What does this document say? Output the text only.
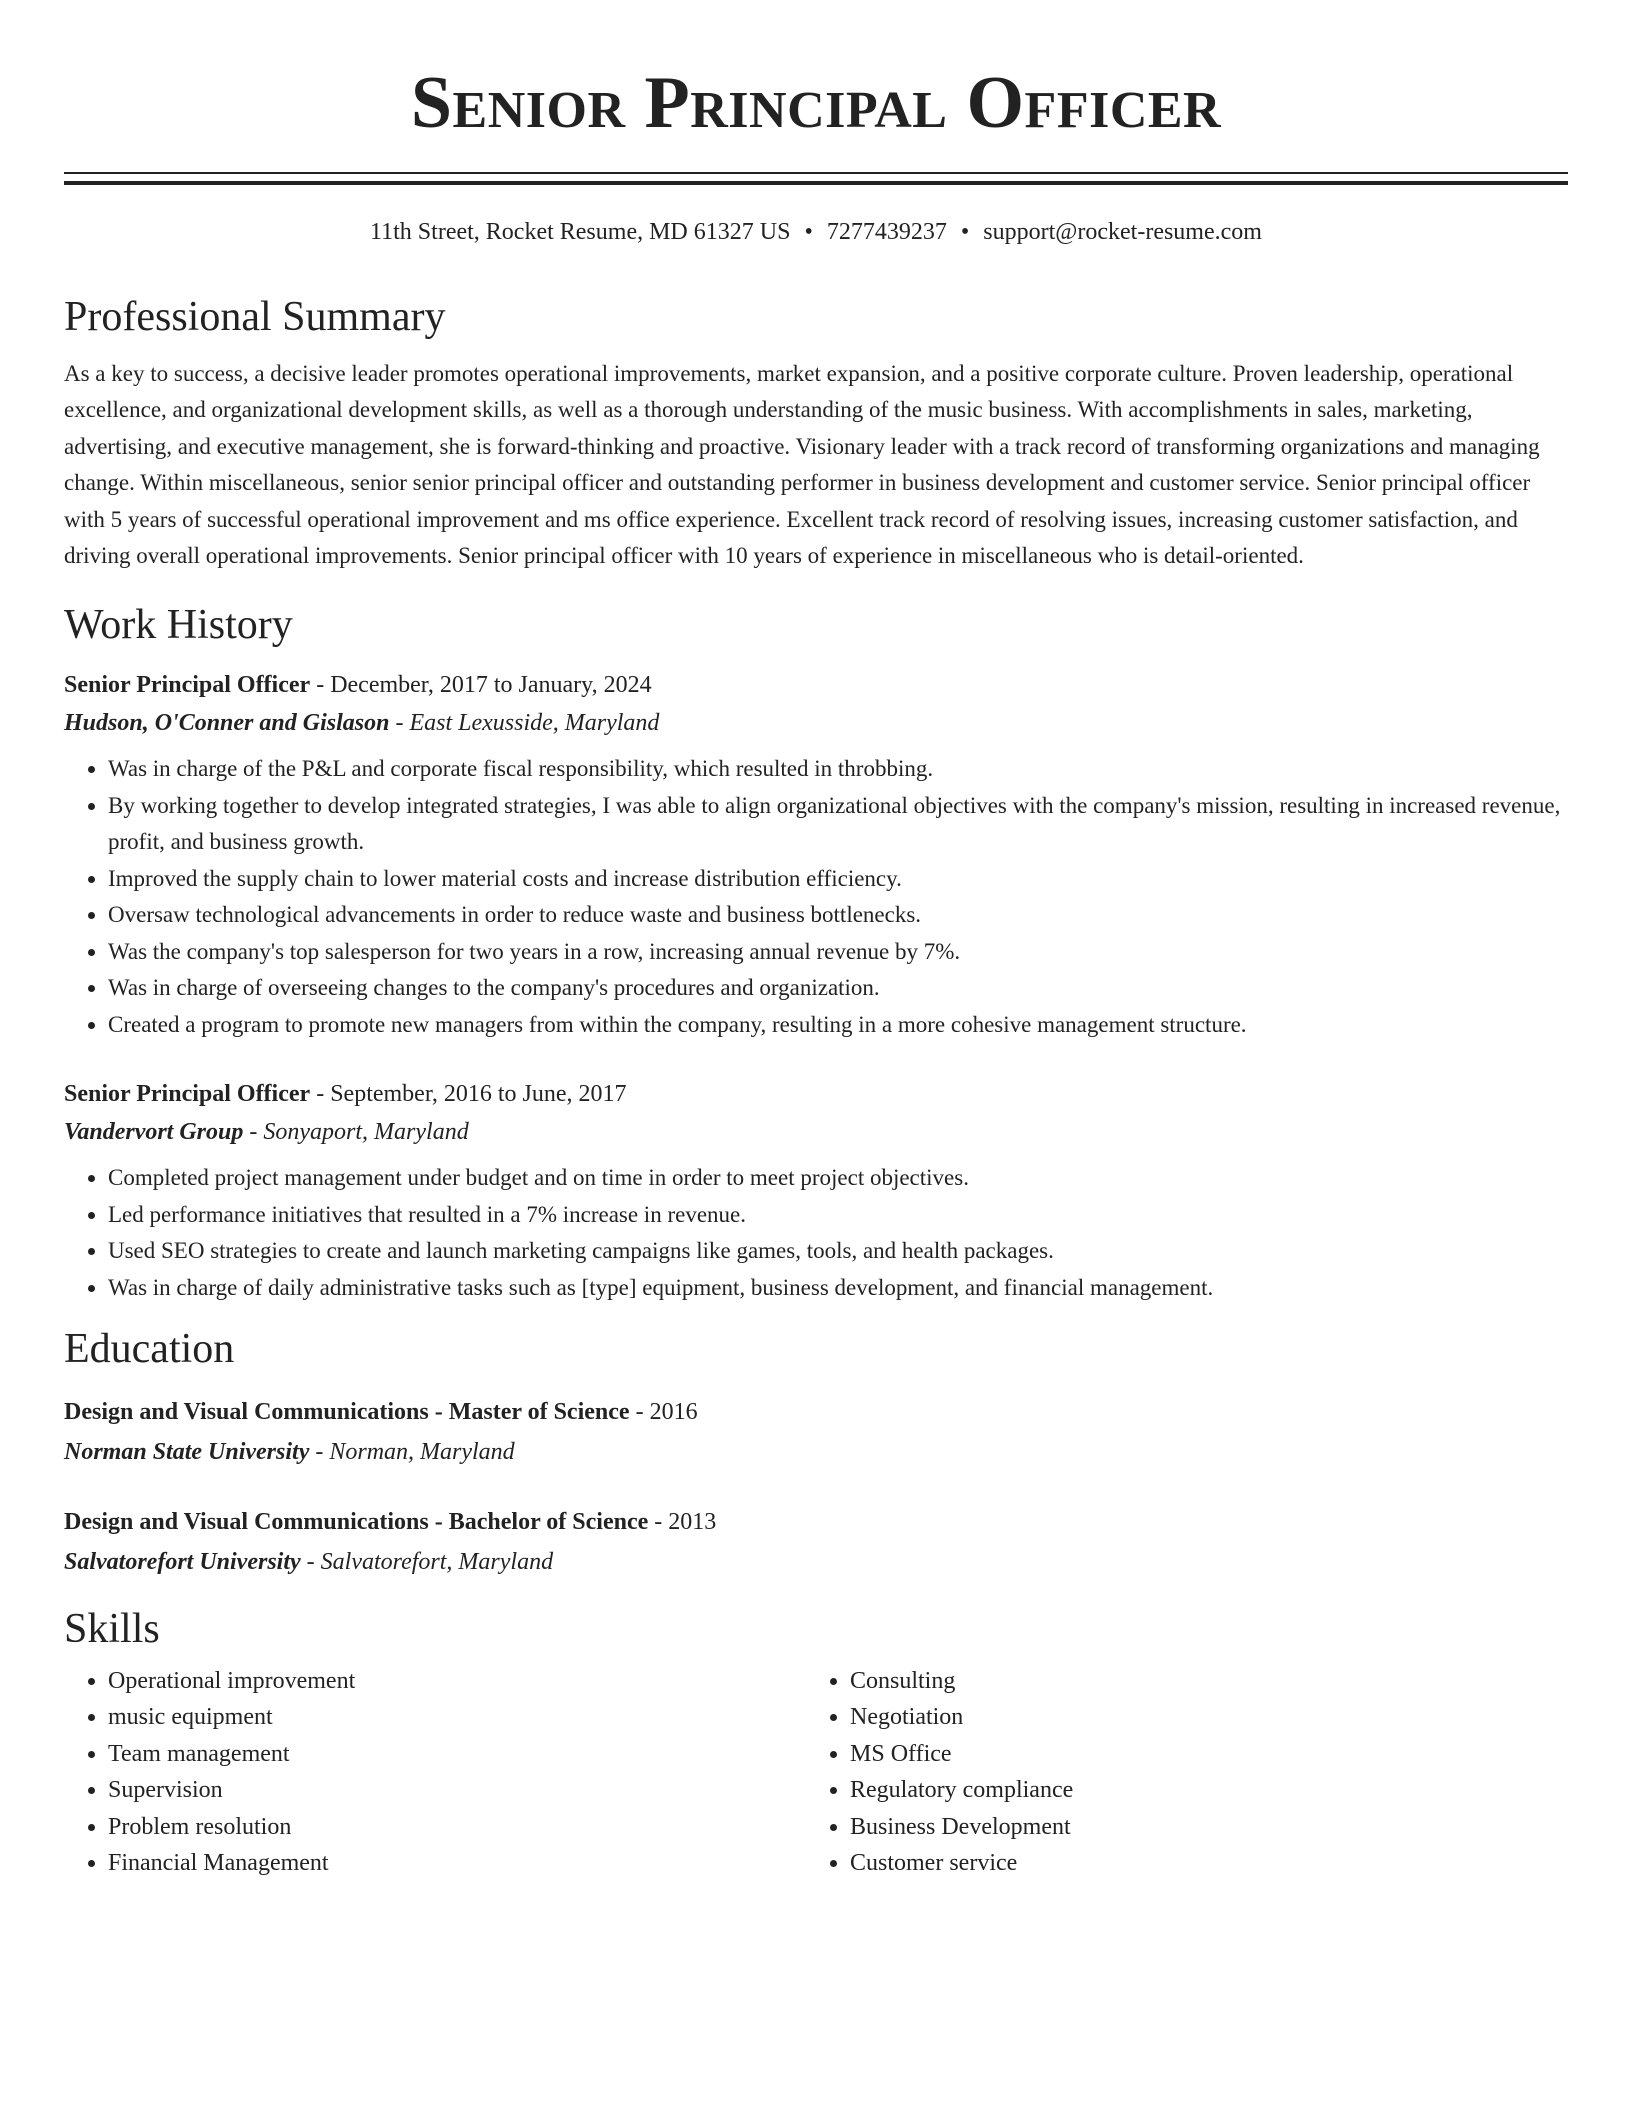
Senior Principal Officer
11th Street, Rocket Resume, MD 61327 US • 7277439237 • support@rocket-resume.com
Professional Summary
As a key to success, a decisive leader promotes operational improvements, market expansion, and a positive corporate culture. Proven leadership, operational excellence, and organizational development skills, as well as a thorough understanding of the music business. With accomplishments in sales, marketing, advertising, and executive management, she is forward-thinking and proactive. Visionary leader with a track record of transforming organizations and managing change. Within miscellaneous, senior senior principal officer and outstanding performer in business development and customer service. Senior principal officer with 5 years of successful operational improvement and ms office experience. Excellent track record of resolving issues, increasing customer satisfaction, and driving overall operational improvements. Senior principal officer with 10 years of experience in miscellaneous who is detail-oriented.
Work History
Senior Principal Officer - December, 2017 to January, 2024
Hudson, O'Conner and Gislason - East Lexusside, Maryland
• Was in charge of the P&L and corporate fiscal responsibility, which resulted in throbbing.
• By working together to develop integrated strategies, I was able to align organizational objectives with the company's mission, resulting in increased revenue, profit, and business growth.
• Improved the supply chain to lower material costs and increase distribution efficiency.
• Oversaw technological advancements in order to reduce waste and business bottlenecks.
• Was the company's top salesperson for two years in a row, increasing annual revenue by 7%.
• Was in charge of overseeing changes to the company's procedures and organization.
• Created a program to promote new managers from within the company, resulting in a more cohesive management structure.
Senior Principal Officer - September, 2016 to June, 2017
Vandervort Group - Sonyaport, Maryland
• Completed project management under budget and on time in order to meet project objectives.
• Led performance initiatives that resulted in a 7% increase in revenue.
• Used SEO strategies to create and launch marketing campaigns like games, tools, and health packages.
• Was in charge of daily administrative tasks such as [type] equipment, business development, and financial management.
Education
Design and Visual Communications - Master of Science - 2016
Norman State University - Norman, Maryland
Design and Visual Communications - Bachelor of Science - 2013
Salvatorefort University - Salvatorefort, Maryland
Skills
• Operational improvement
• music equipment
• Team management
• Supervision
• Problem resolution
• Financial Management
• Consulting
• Negotiation
• MS Office
• Regulatory compliance
• Business Development
• Customer service
